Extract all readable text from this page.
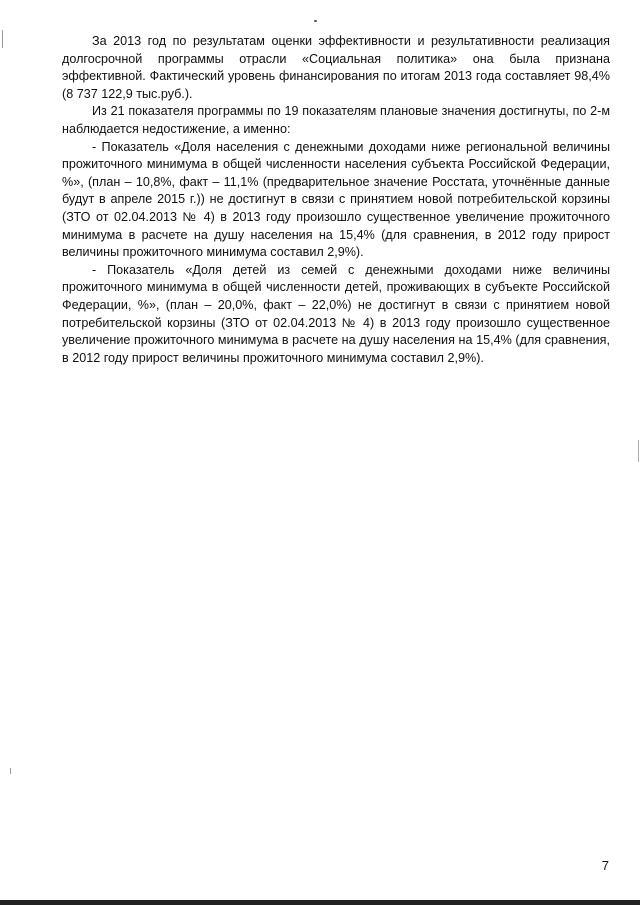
За 2013 год по результатам оценки эффективности и результативности реализация долгосрочной программы отрасли «Социальная политика» она была признана эффективной. Фактический уровень финансирования по итогам 2013 года составляет 98,4% (8 737 122,9 тыс.руб.).

Из 21 показателя программы по 19 показателям плановые значения достигнуты, по 2-м наблюдается недостижение, а именно:

- Показатель «Доля населения с денежными доходами ниже региональной величины прожиточного минимума в общей численности населения субъекта Российской Федерации, %», (план – 10,8%, факт – 11,1% (предварительное значение Росстата, уточнённые данные будут в апреле 2015 г.)) не достигнут в связи с принятием новой потребительской корзины (ЗТО от 02.04.2013 № 4) в 2013 году произошло существенное увеличение прожиточного минимума в расчете на душу населения на 15,4% (для сравнения, в 2012 году прирост величины прожиточного минимума составил 2,9%).

- Показатель «Доля детей из семей с денежными доходами ниже величины прожиточного минимума в общей численности детей, проживающих в субъекте Российской Федерации, %», (план – 20,0%, факт – 22,0%) не достигнут в связи с принятием новой потребительской корзины (ЗТО от 02.04.2013 № 4) в 2013 году произошло существенное увеличение прожиточного минимума в расчете на душу населения на 15,4% (для сравнения, в 2012 году прирост величины прожиточного минимума составил 2,9%).

7
